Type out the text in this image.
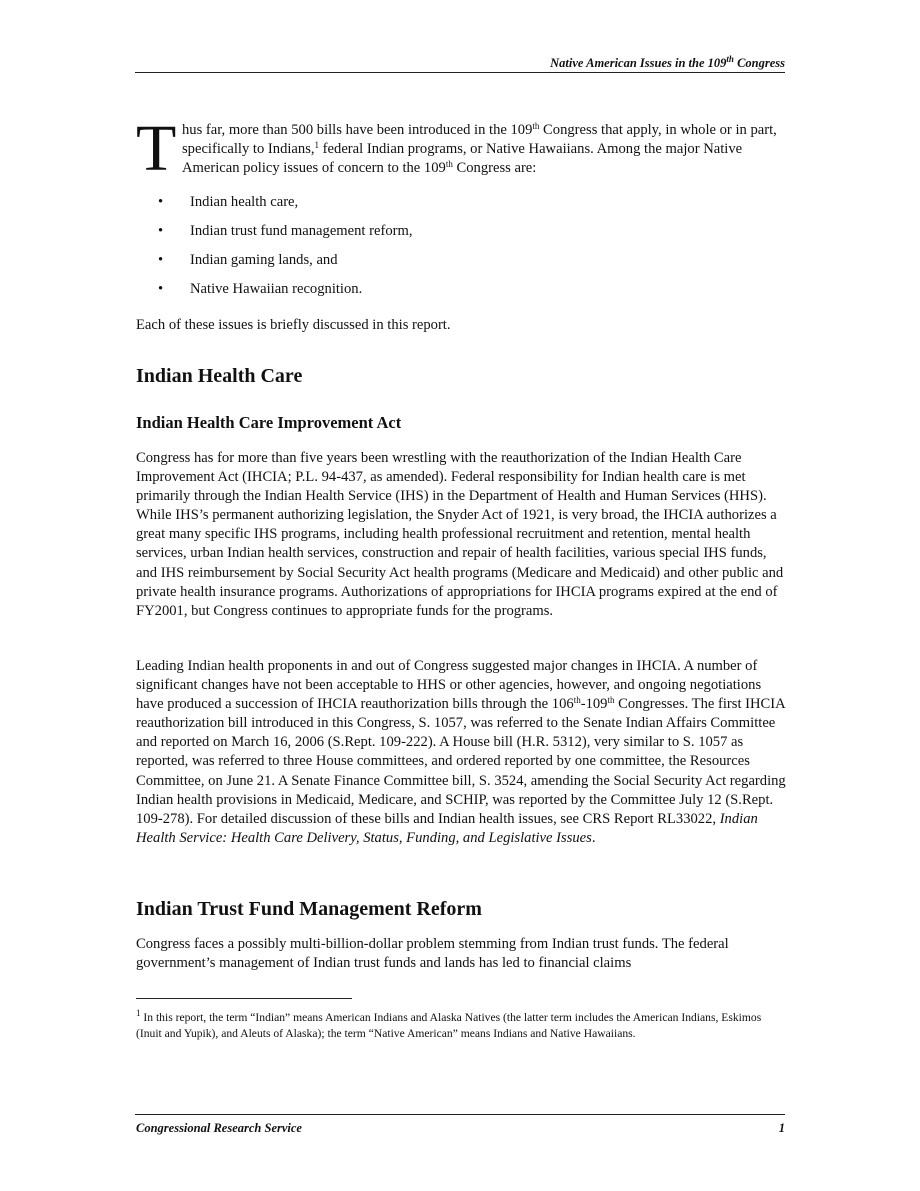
Native American Issues in the 109th Congress
T hus far, more than 500 bills have been introduced in the 109th Congress that apply, in whole or in part, specifically to Indians,$^1$ federal Indian programs, or Native Hawaiians. Among the major Native American policy issues of concern to the 109th Congress are:
• Indian health care,
• Indian trust fund management reform,
• Indian gaming lands, and
• Native Hawaiian recognition.
Each of these issues is briefly discussed in this report.
Indian Health Care
Indian Health Care Improvement Act
Congress has for more than five years been wrestling with the reauthorization of the Indian Health Care Improvement Act (IHCIA; P.L. 94-437, as amended). Federal responsibility for Indian health care is met primarily through the Indian Health Service (IHS) in the Department of Health and Human Services (HHS). While IHS’s permanent authorizing legislation, the Snyder Act of 1921, is very broad, the IHCIA authorizes a great many specific IHS programs, including health professional recruitment and retention, mental health services, urban Indian health services, construction and repair of health facilities, various special IHS funds, and IHS reimbursement by Social Security Act health programs (Medicare and Medicaid) and other public and private health insurance programs. Authorizations of appropriations for IHCIA programs expired at the end of FY2001, but Congress continues to appropriate funds for the programs.
Leading Indian health proponents in and out of Congress suggested major changes in IHCIA. A number of significant changes have not been acceptable to HHS or other agencies, however, and ongoing negotiations have produced a succession of IHCIA reauthorization bills through the 106th-109th Congresses. The first IHCIA reauthorization bill introduced in this Congress, S. 1057, was referred to the Senate Indian Affairs Committee and reported on March 16, 2006 (S.Rept. 109-222). A House bill (H.R. 5312), very similar to S. 1057 as reported, was referred to three House committees, and ordered reported by one committee, the Resources Committee, on June 21. A Senate Finance Committee bill, S. 3524, amending the Social Security Act regarding Indian health provisions in Medicaid, Medicare, and SCHIP, was reported by the Committee July 12 (S.Rept. 109-278). For detailed discussion of these bills and Indian health issues, see CRS Report RL33022, Indian Health Service: Health Care Delivery, Status, Funding, and Legislative Issues.
Indian Trust Fund Management Reform
Congress faces a possibly multi-billion-dollar problem stemming from Indian trust funds. The federal government’s management of Indian trust funds and lands has led to financial claims
$^1$ In this report, the term “Indian” means American Indians and Alaska Natives (the latter term includes the American Indians, Eskimos (Inuit and Yupik), and Aleuts of Alaska); the term “Native American” means Indians and Native Hawaiians.
Congressional Research Service	1
